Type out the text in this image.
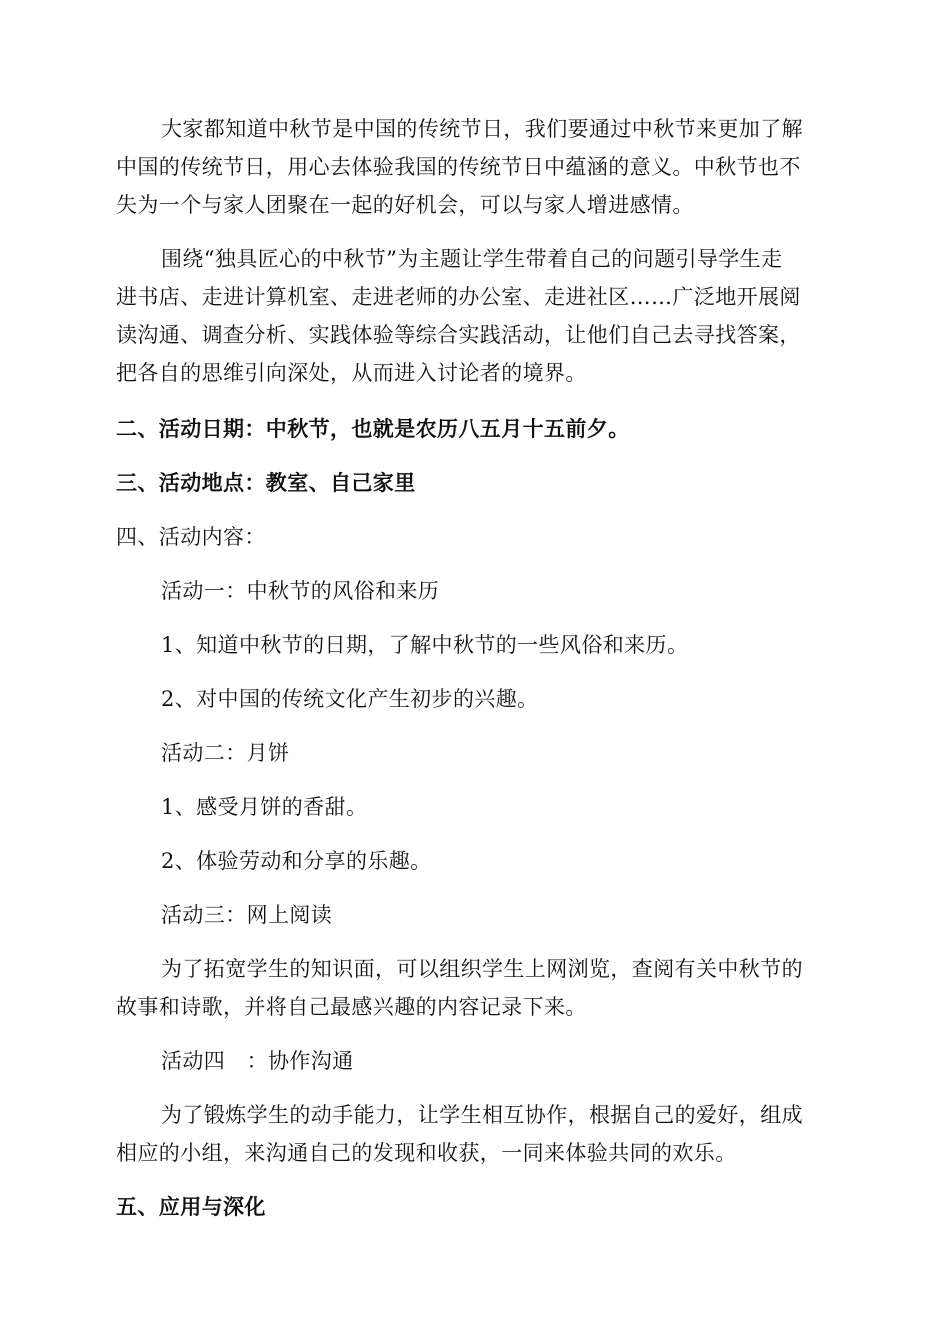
大家都知道中秋节是中国的传统节日，我们要通过中秋节来更加了解
中国的传统节日，用心去体验我国的传统节日中蕴涵的意义。中秋节也不
失为一个与家人团聚在一起的好机会，可以与家人增进感情。
围绕“独具匠心的中秋节”为主题让学生带着自己的问题引导学生走
进书店、走进计算机室、走进老师的办公室、走进社区……广泛地开展阅
读沟通、调查分析、实践体验等综合实践活动，让他们自己去寻找答案，
把各自的思维引向深处，从而进入讨论者的境界。
二、活动日期：中秋节，也就是农历八五月十五前夕。
三、活动地点：教室、自己家里
四、活动内容：
活动一：中秋节的风俗和来历
1、知道中秋节的日期，了解中秋节的一些风俗和来历。
2、对中国的传统文化产生初步的兴趣。
活动二：月饼
1、感受月饼的香甜。
2、体验劳动和分享的乐趣。
活动三：网上阅读
为了拓宽学生的知识面，可以组织学生上网浏览，查阅有关中秋节的
故事和诗歌，并将自己最感兴趣的内容记录下来。
活动四　：协作沟通
为了锻炼学生的动手能力，让学生相互协作，根据自己的爱好，组成
相应的小组，来沟通自己的发现和收获，一同来体验共同的欢乐。
五、应用与深化
